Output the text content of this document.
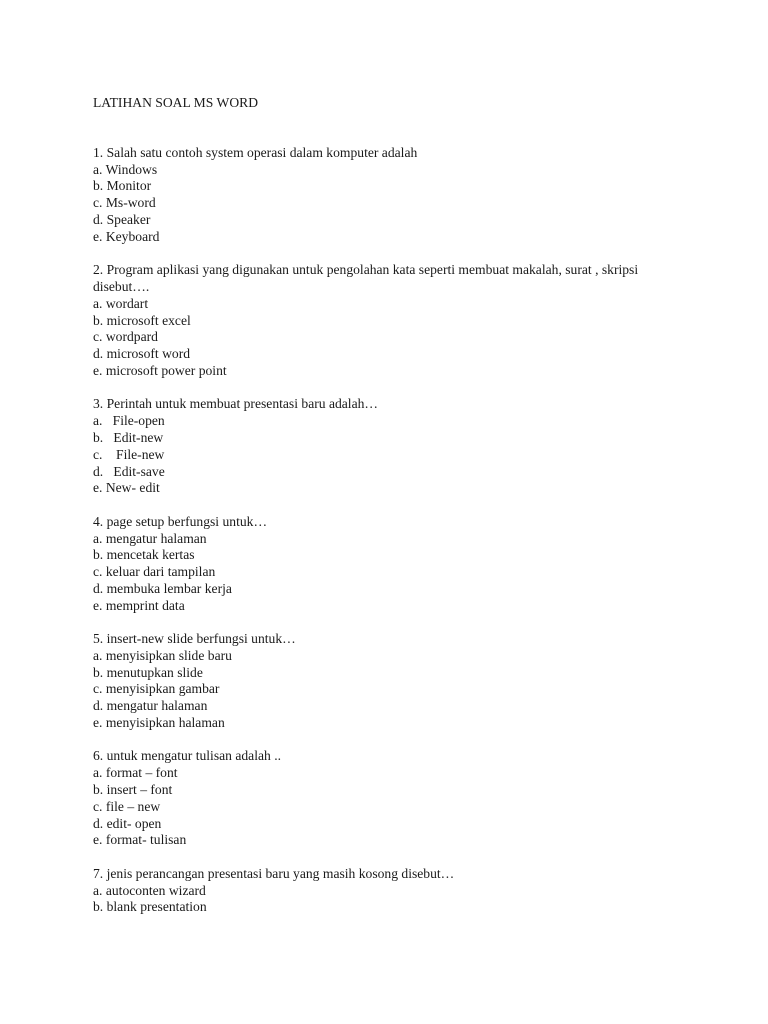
LATIHAN SOAL MS WORD

1. Salah satu contoh system operasi dalam komputer adalah

a. Windows
b. Monitor
c. Ms-word
d. Speaker
e. Keyboard

2. Program aplikasi yang digunakan untuk pengolahan kata seperti membuat makalah, surat , skripsi disebut….

a. wordart
b. microsoft excel
c. wordpard
d. microsoft word
e. microsoft power point

3. Perintah untuk membuat presentasi baru adalah…

a.   File-open
b.   Edit-new
c.    File-new
d.   Edit-save
e. New- edit

4. page setup berfungsi untuk…

a. mengatur halaman
b. mencetak kertas
c. keluar dari tampilan
d. membuka lembar kerja
e. memprint data

5. insert-new slide berfungsi untuk…

a. menyisipkan slide baru
b. menutupkan slide
c. menyisipkan gambar
d. mengatur halaman
e. menyisipkan halaman

6. untuk mengatur tulisan adalah ..

a. format – font
b. insert – font
c. file – new
d. edit- open
e. format- tulisan

7. jenis perancangan presentasi baru yang masih kosong disebut…

a. autoconten wizard
b. blank presentation
